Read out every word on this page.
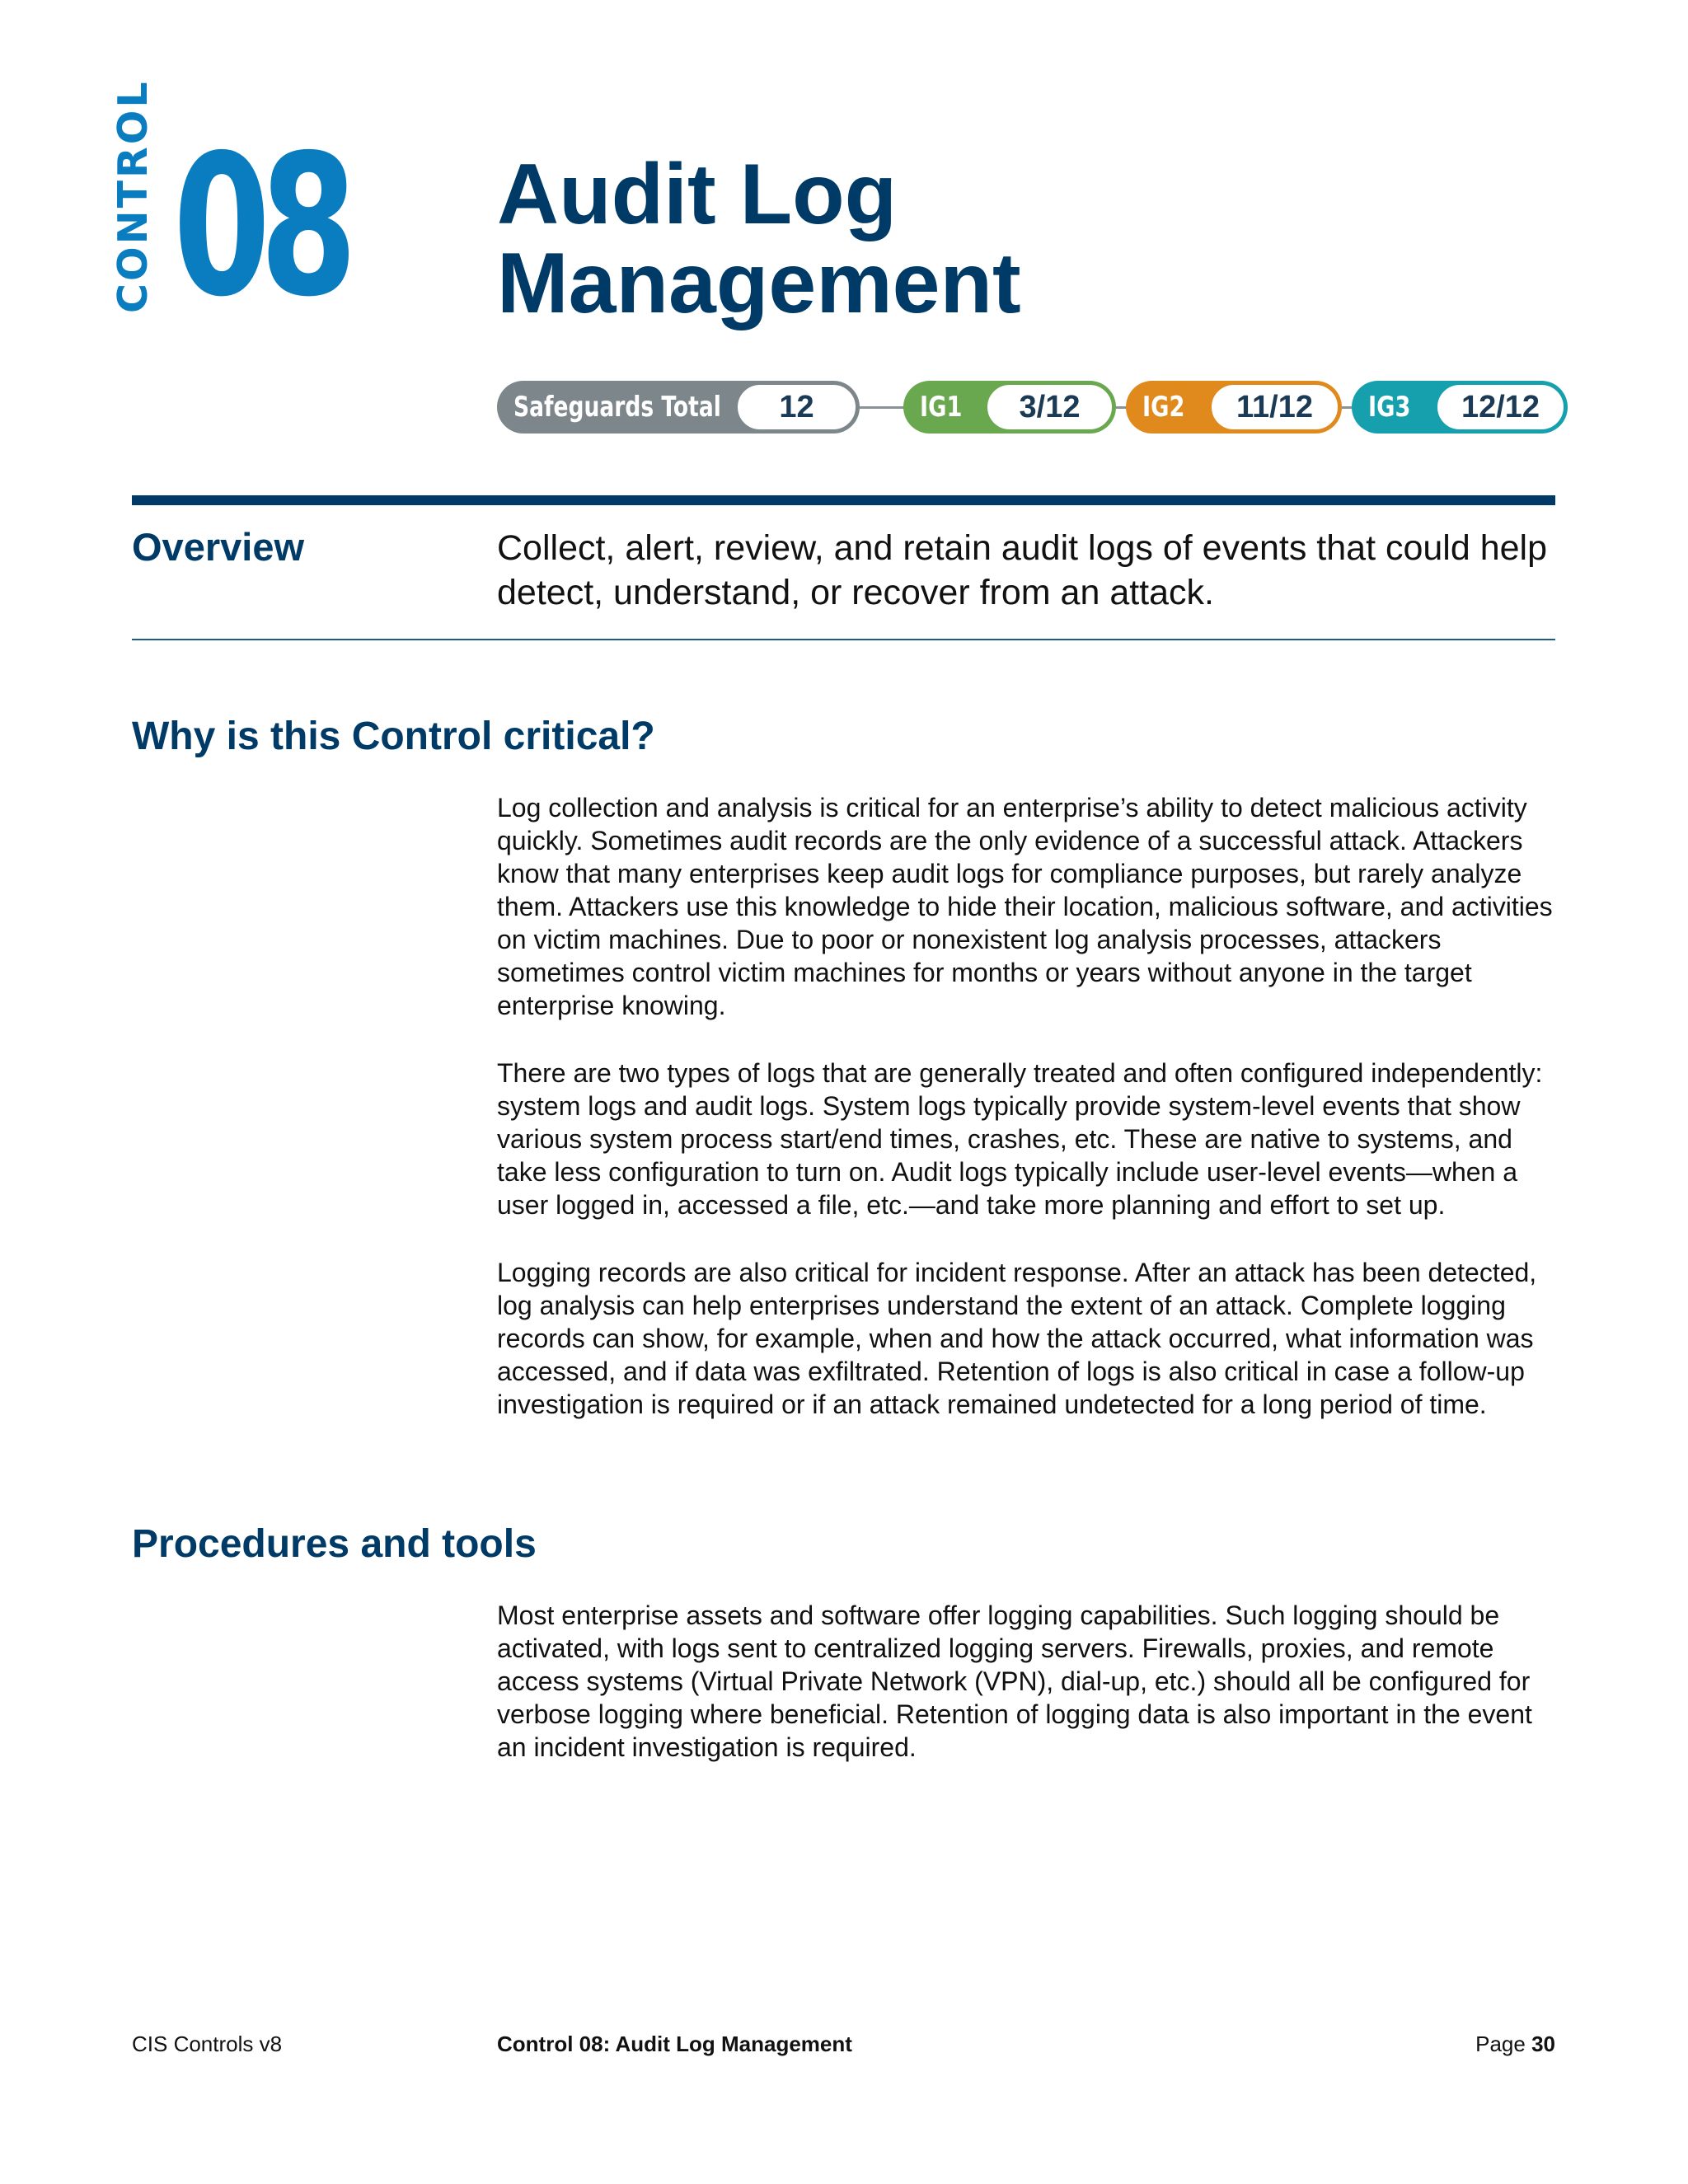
CONTROL 08 Audit Log
Management
Safeguards Total	12	IG1	3/12	IG2	11/12	IG3	12/12
Overview	Collect, alert, review, and retain audit logs of events that could help detect, understand, or recover from an attack.
Why is this Control critical?
Log collection and analysis is critical for an enterprise’s ability to detect malicious activity quickly. Sometimes audit records are the only evidence of a successful attack. Attackers know that many enterprises keep audit logs for compliance purposes, but rarely analyze them. Attackers use this knowledge to hide their location, malicious software, and activities on victim machines. Due to poor or nonexistent log analysis processes, attackers sometimes control victim machines for months or years without anyone in the target enterprise knowing.
There are two types of logs that are generally treated and often configured independently: system logs and audit logs. System logs typically provide system-level events that show various system process start/end times, crashes, etc. These are native to systems, and take less configuration to turn on. Audit logs typically include user-level events—when a user logged in, accessed a file, etc.—and take more planning and effort to set up.
Logging records are also critical for incident response. After an attack has been detected, log analysis can help enterprises understand the extent of an attack. Complete logging records can show, for example, when and how the attack occurred, what information was accessed, and if data was exfiltrated. Retention of logs is also critical in case a follow-up investigation is required or if an attack remained undetected for a long period of time.
Procedures and tools
Most enterprise assets and software offer logging capabilities. Such logging should be activated, with logs sent to centralized logging servers. Firewalls, proxies, and remote access systems (Virtual Private Network (VPN), dial-up, etc.) should all be configured for verbose logging where beneficial. Retention of logging data is also important in the event an incident investigation is required.
CIS Controls v8	Control 08: Audit Log Management	Page 30
